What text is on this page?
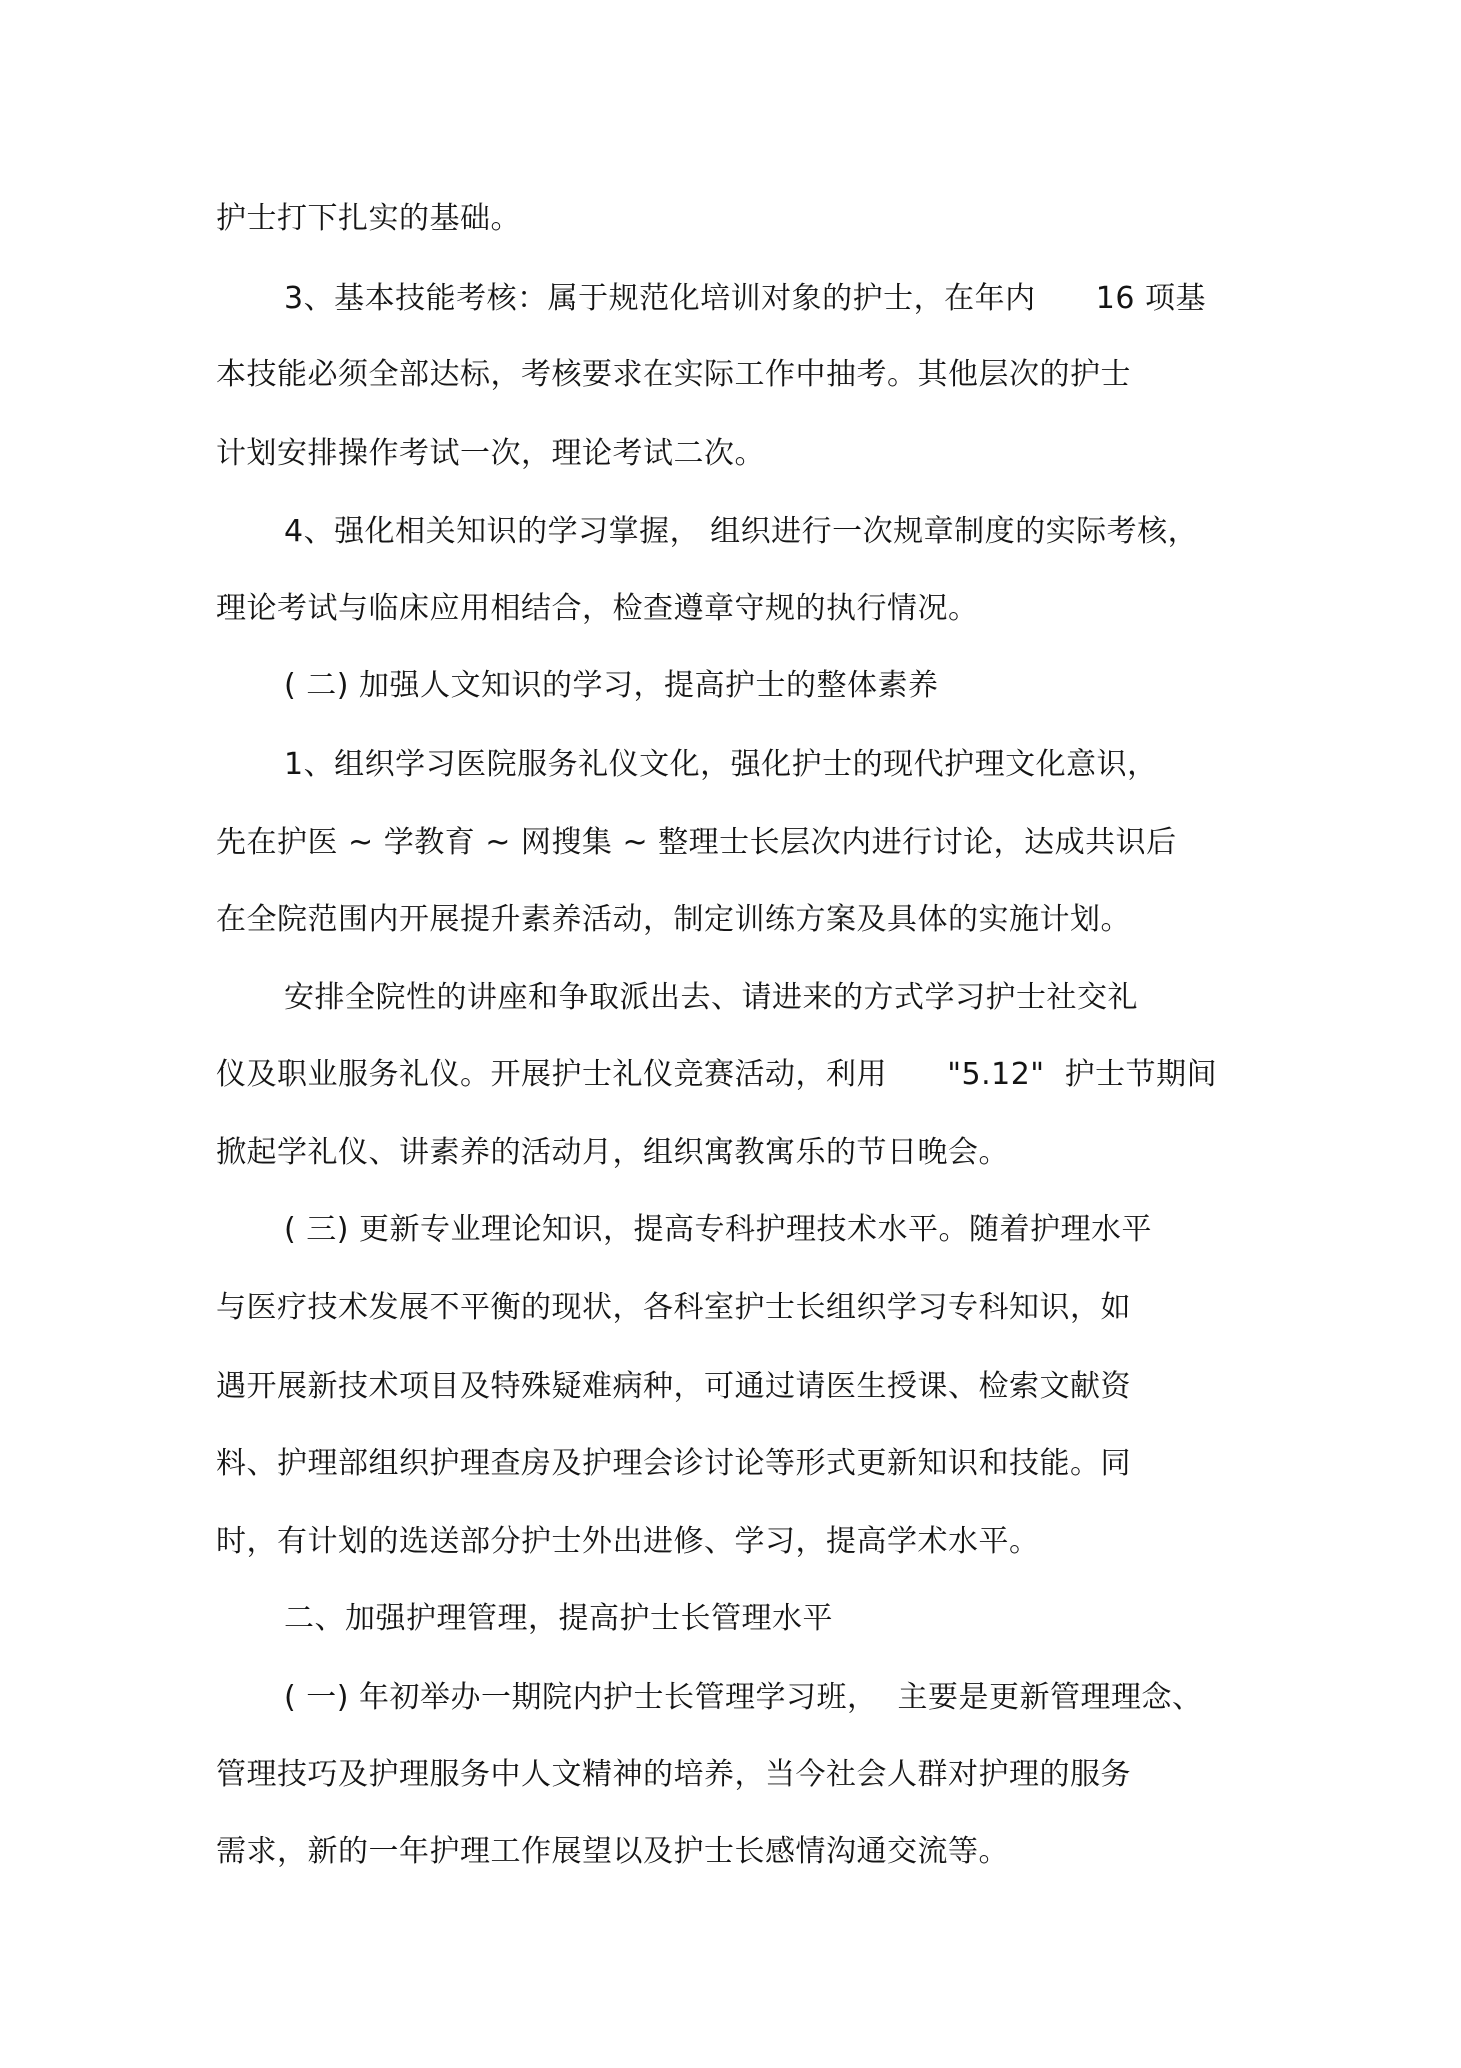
护士打下扎实的基础。

3、基本技能考核：属于规范化培训对象的护士，在年内      16 项基

本技能必须全部达标，考核要求在实际工作中抽考。其他层次的护士

计划安排操作考试一次，理论考试二次。

4、强化相关知识的学习掌握， 组织进行一次规章制度的实际考核，

理论考试与临床应用相结合，检查遵章守规的执行情况。

( 二) 加强人文知识的学习，提高护士的整体素养

1、组织学习医院服务礼仪文化，强化护士的现代护理文化意识，

先在护医 ~ 学教育 ~ 网搜集 ~ 整理士长层次内进行讨论，达成共识后

在全院范围内开展提升素养活动，制定训练方案及具体的实施计划。

安排全院性的讲座和争取派出去、请进来的方式学习护士社交礼

仪及职业服务礼仪。开展护士礼仪竞赛活动，利用      "5.12"  护士节期间

掀起学礼仪、讲素养的活动月，组织寓教寓乐的节日晚会。

( 三) 更新专业理论知识，提高专科护理技术水平。随着护理水平

与医疗技术发展不平衡的现状，各科室护士长组织学习专科知识，如

遇开展新技术项目及特殊疑难病种，可通过请医生授课、检索文献资

料、护理部组织护理查房及护理会诊讨论等形式更新知识和技能。同

时，有计划的选送部分护士外出进修、学习，提高学术水平。

二、加强护理管理，提高护士长管理水平

( 一) 年初举办一期院内护士长管理学习班，  主要是更新管理理念、

管理技巧及护理服务中人文精神的培养，当今社会人群对护理的服务

需求，新的一年护理工作展望以及护士长感情沟通交流等。
